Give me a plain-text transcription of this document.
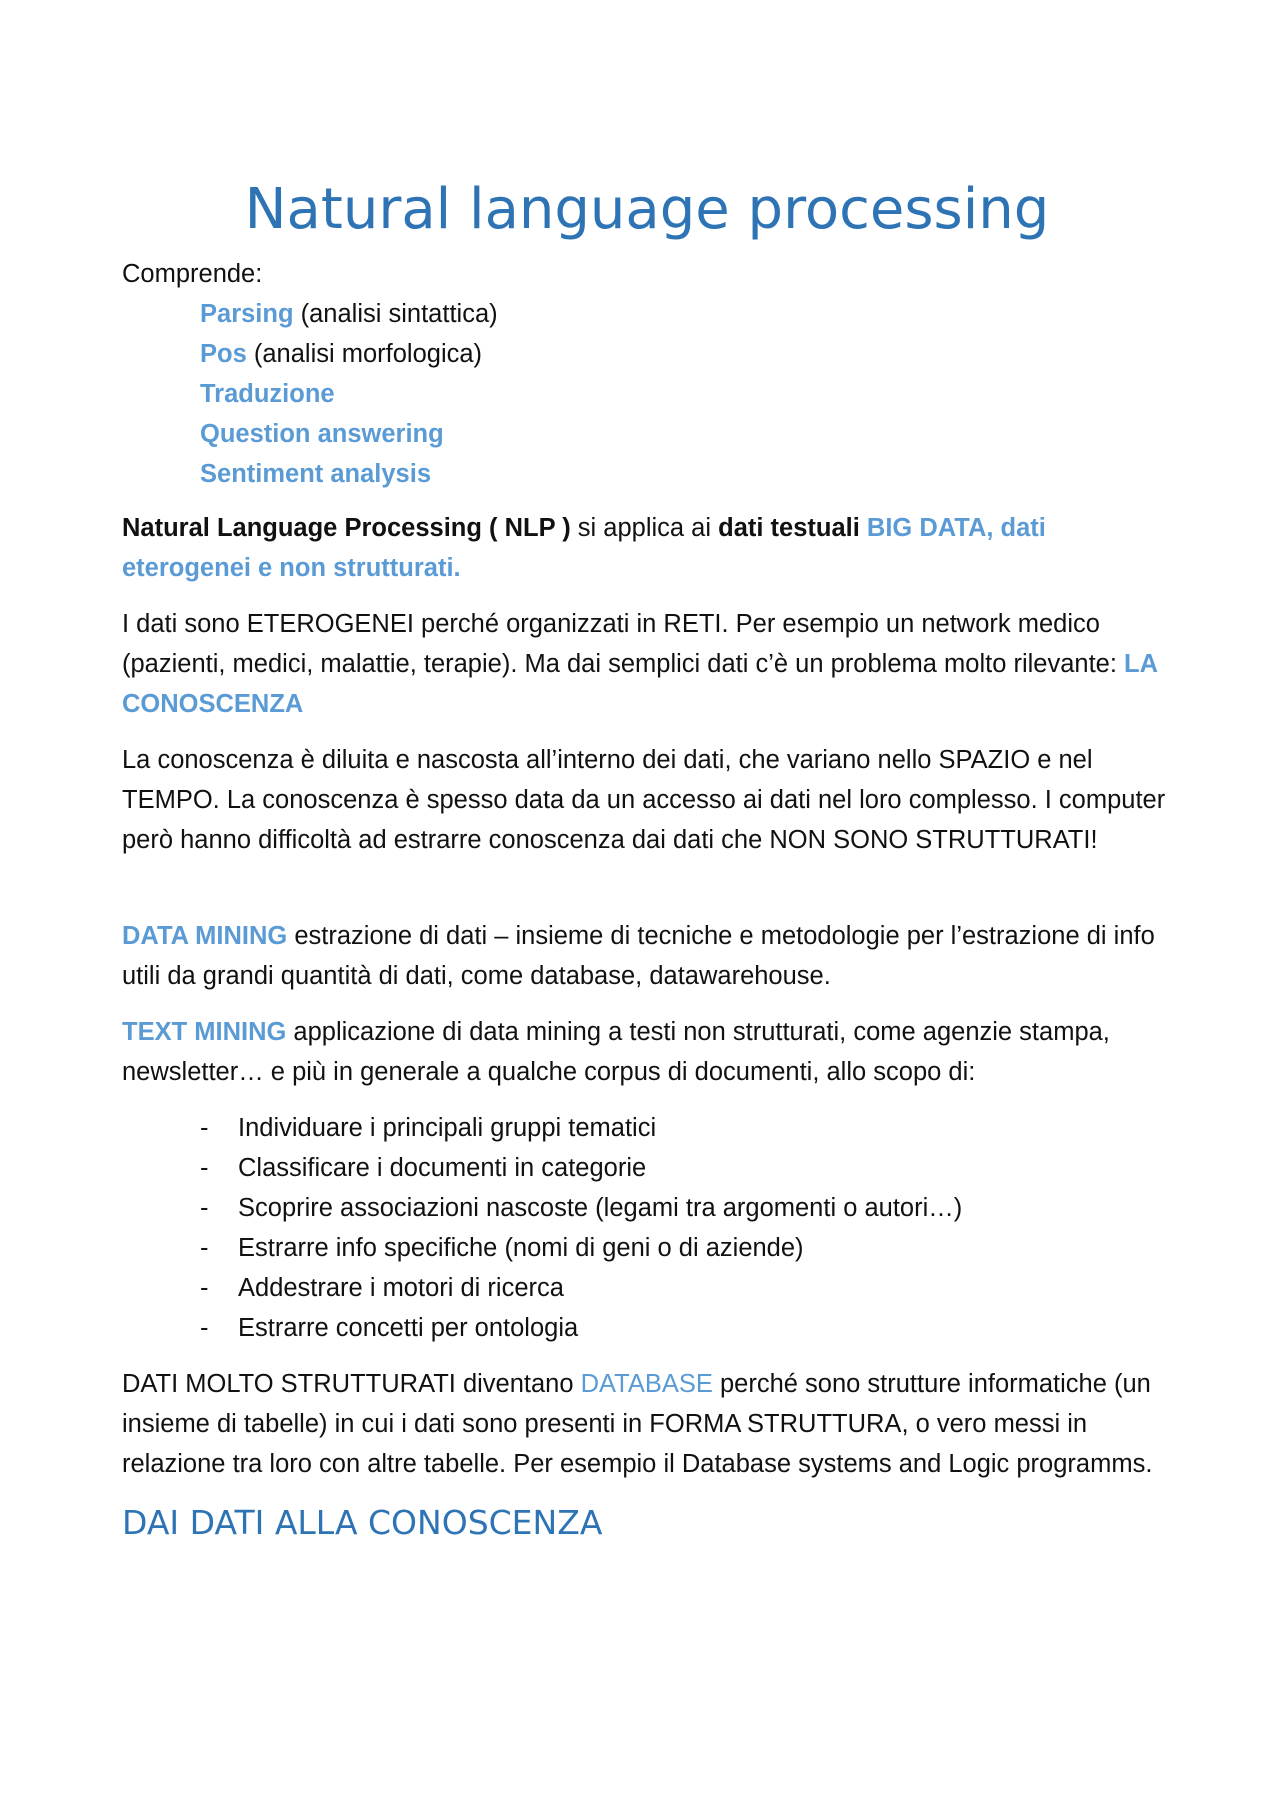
Natural language processing

Comprende:

Parsing (analisi sintattica)
Pos (analisi morfologica)
Traduzione
Question answering
Sentiment analysis

Natural Language Processing ( NLP ) si applica ai dati testuali BIG DATA, dati eterogenei e non strutturati.

I dati sono ETEROGENEI perché organizzati in RETI. Per esempio un network medico (pazienti, medici, malattie, terapie). Ma dai semplici dati c’è un problema molto rilevante: LA CONOSCENZA

La conoscenza è diluita e nascosta all’interno dei dati, che variano nello SPAZIO e nel TEMPO. La conoscenza è spesso data da un accesso ai dati nel loro complesso. I computer però hanno difficoltà ad estrarre conoscenza dai dati che NON SONO STRUTTURATI!

DATA MINING estrazione di dati – insieme di tecniche e metodologie per l’estrazione di info utili da grandi quantità di dati, come database, datawarehouse.

TEXT MINING applicazione di data mining a testi non strutturati, come agenzie stampa, newsletter… e più in generale a qualche corpus di documenti, allo scopo di:

- Individuare i principali gruppi tematici
- Classificare i documenti in categorie
- Scoprire associazioni nascoste (legami tra argomenti o autori…)
- Estrarre info specifiche (nomi di geni o di aziende)
- Addestrare i motori di ricerca
- Estrarre concetti per ontologia

DATI MOLTO STRUTTURATI diventano DATABASE perché sono strutture informatiche (un insieme di tabelle) in cui i dati sono presenti in FORMA STRUTTURA, o vero messi in relazione tra loro con altre tabelle. Per esempio il Database systems and Logic programms.

DAI DATI ALLA CONOSCENZA
